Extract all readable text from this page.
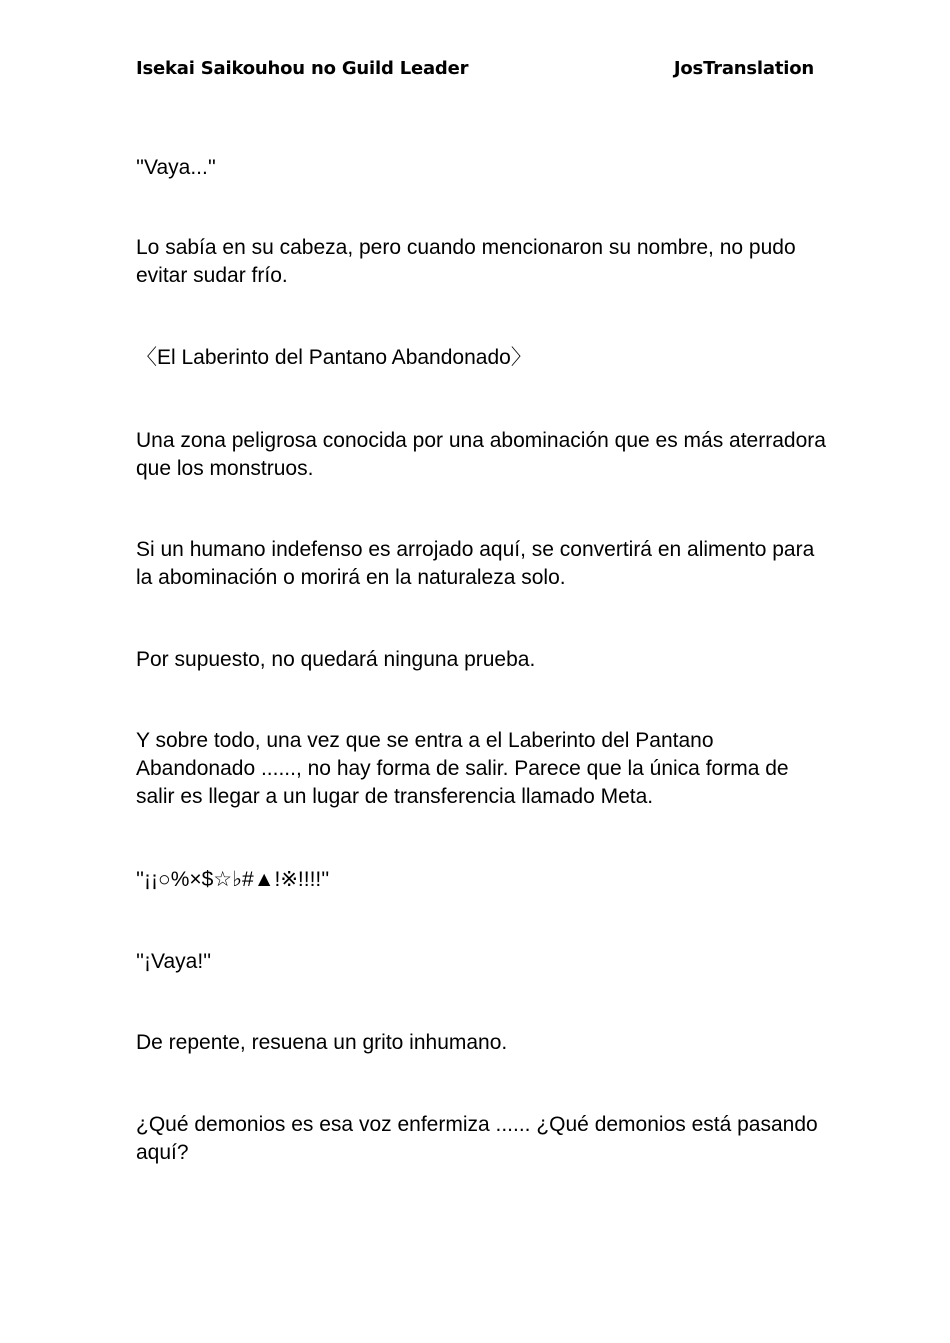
Isekai Saikouhou no Guild Leader	JosTranslation

''Vaya...''

Lo sabía en su cabeza, pero cuando mencionaron su nombre, no pudo evitar sudar frío.

〈El Laberinto del Pantano Abandonado〉

Una zona peligrosa conocida por una abominación que es más aterradora que los monstruos.

Si un humano indefenso es arrojado aquí, se convertirá en alimento para la abominación o morirá en la naturaleza solo.

Por supuesto, no quedará ninguna prueba.

Y sobre todo, una vez que se entra a el Laberinto del Pantano Abandonado ......, no hay forma de salir. Parece que la única forma de salir es llegar a un lugar de transferencia llamado Meta.

''¡¡○%×$☆♭#▲!※!!!!''

''¡Vaya!''

De repente, resuena un grito inhumano.

¿Qué demonios es esa voz enfermiza ...... ¿Qué demonios está pasando aquí?
